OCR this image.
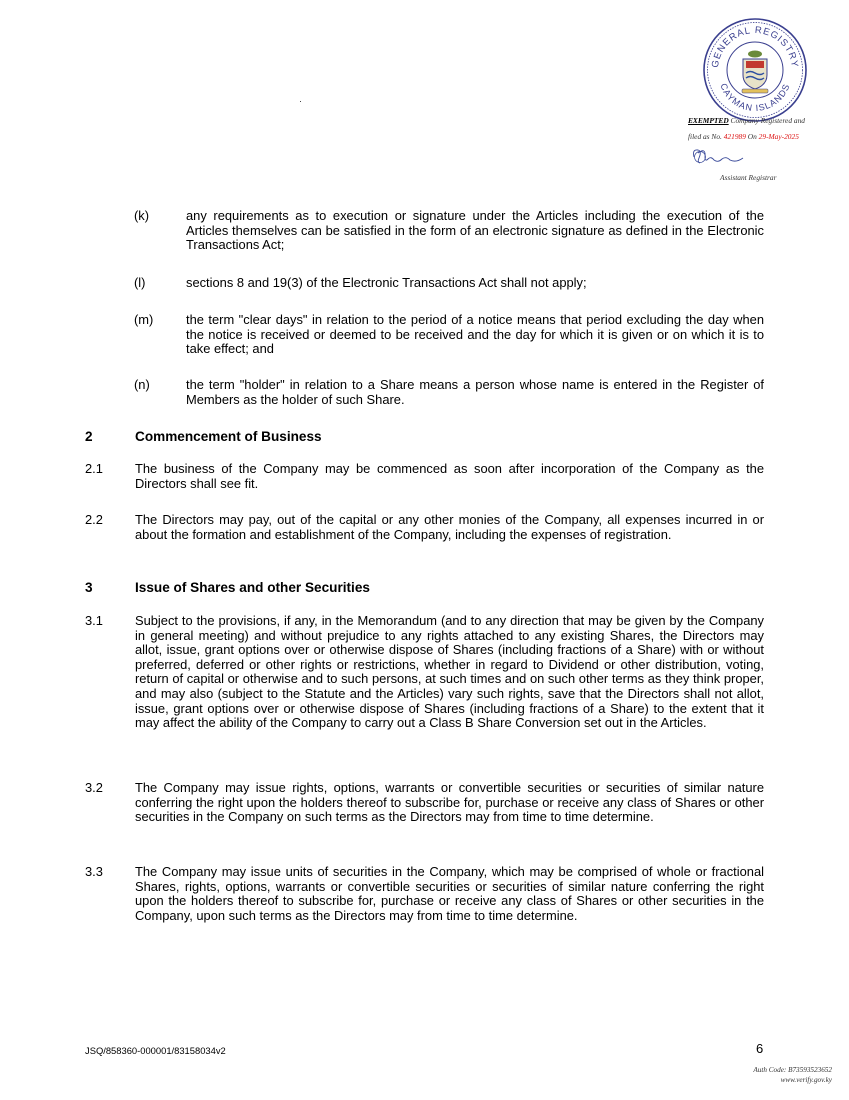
GENERAL REGISTRY
CAYMAN ISLANDS
EXEMPTED Company Registered and
filed as No. 421989 On 29-May-2025
Assistant Registrar
(k)	any requirements as to execution or signature under the Articles including the execution of the Articles themselves can be satisfied in the form of an electronic signature as defined in the Electronic Transactions Act;
(l)	sections 8 and 19(3) of the Electronic Transactions Act shall not apply;
(m)	the term "clear days" in relation to the period of a notice means that period excluding the day when the notice is received or deemed to be received and the day for which it is given or on which it is to take effect; and
(n)	the term "holder" in relation to a Share means a person whose name is entered in the Register of Members as the holder of such Share.
2	Commencement of Business
2.1 The business of the Company may be commenced as soon after incorporation of the Company as the Directors shall see fit.
2.2 The Directors may pay, out of the capital or any other monies of the Company, all expenses incurred in or about the formation and establishment of the Company, including the expenses of registration.
3	Issue of Shares and other Securities
3.1 Subject to the provisions, if any, in the Memorandum (and to any direction that may be given by the Company in general meeting) and without prejudice to any rights attached to any existing Shares, the Directors may allot, issue, grant options over or otherwise dispose of Shares (including fractions of a Share) with or without preferred, deferred or other rights or restrictions, whether in regard to Dividend or other distribution, voting, return of capital or otherwise and to such persons, at such times and on such other terms as they think proper, and may also (subject to the Statute and the Articles) vary such rights, save that the Directors shall not allot, issue, grant options over or otherwise dispose of Shares (including fractions of a Share) to the extent that it may affect the ability of the Company to carry out a Class B Share Conversion set out in the Articles.
3.2 The Company may issue rights, options, warrants or convertible securities or securities of similar nature conferring the right upon the holders thereof to subscribe for, purchase or receive any class of Shares or other securities in the Company on such terms as the Directors may from time to time determine.
3.3 The Company may issue units of securities in the Company, which may be comprised of whole or fractional Shares, rights, options, warrants or convertible securities or securities of similar nature conferring the right upon the holders thereof to subscribe for, purchase or receive any class of Shares or other securities in the Company, upon such terms as the Directors may from time to time determine.
JSQ/858360-000001/83158034v2	6
Auth Code: B73593523652
www.verify.gov.ky
